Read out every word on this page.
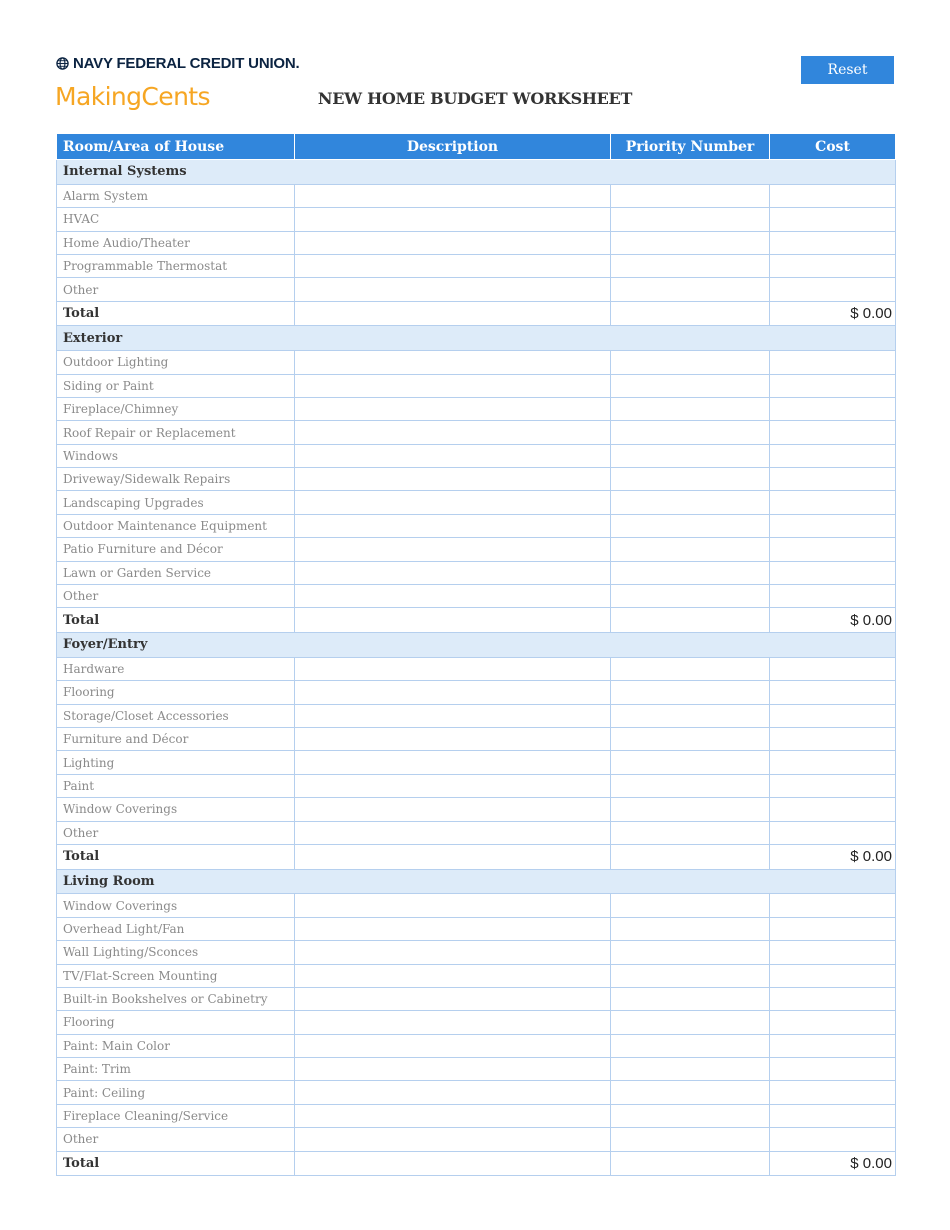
NAVY FEDERAL CREDIT UNION.
MakingCents	NEW HOME BUDGET WORKSHEET
Reset
Room/Area of House	Description	Priority Number	Cost
Internal Systems			
Alarm System			
HVAC			
Home Audio/Theater			
Programmable Thermostat			
Other			
Total			$ 0.00
Exterior			
Outdoor Lighting			
Siding or Paint			
Fireplace/Chimney			
Roof Repair or Replacement			
Windows			
Driveway/Sidewalk Repairs			
Landscaping Upgrades			
Outdoor Maintenance Equipment			
Patio Furniture and Décor			
Lawn or Garden Service			
Other			
Total			$ 0.00
Foyer/Entry			
Hardware			
Flooring			
Storage/Closet Accessories			
Furniture and Décor			
Lighting			
Paint			
Window Coverings			
Other			
Total			$ 0.00
Living Room			
Window Coverings			
Overhead Light/Fan			
Wall Lighting/Sconces			
TV/Flat-Screen Mounting			
Built-in Bookshelves or Cabinetry			
Flooring			
Paint: Main Color			
Paint: Trim			
Paint: Ceiling			
Fireplace Cleaning/Service			
Other			
Total			$ 0.00
